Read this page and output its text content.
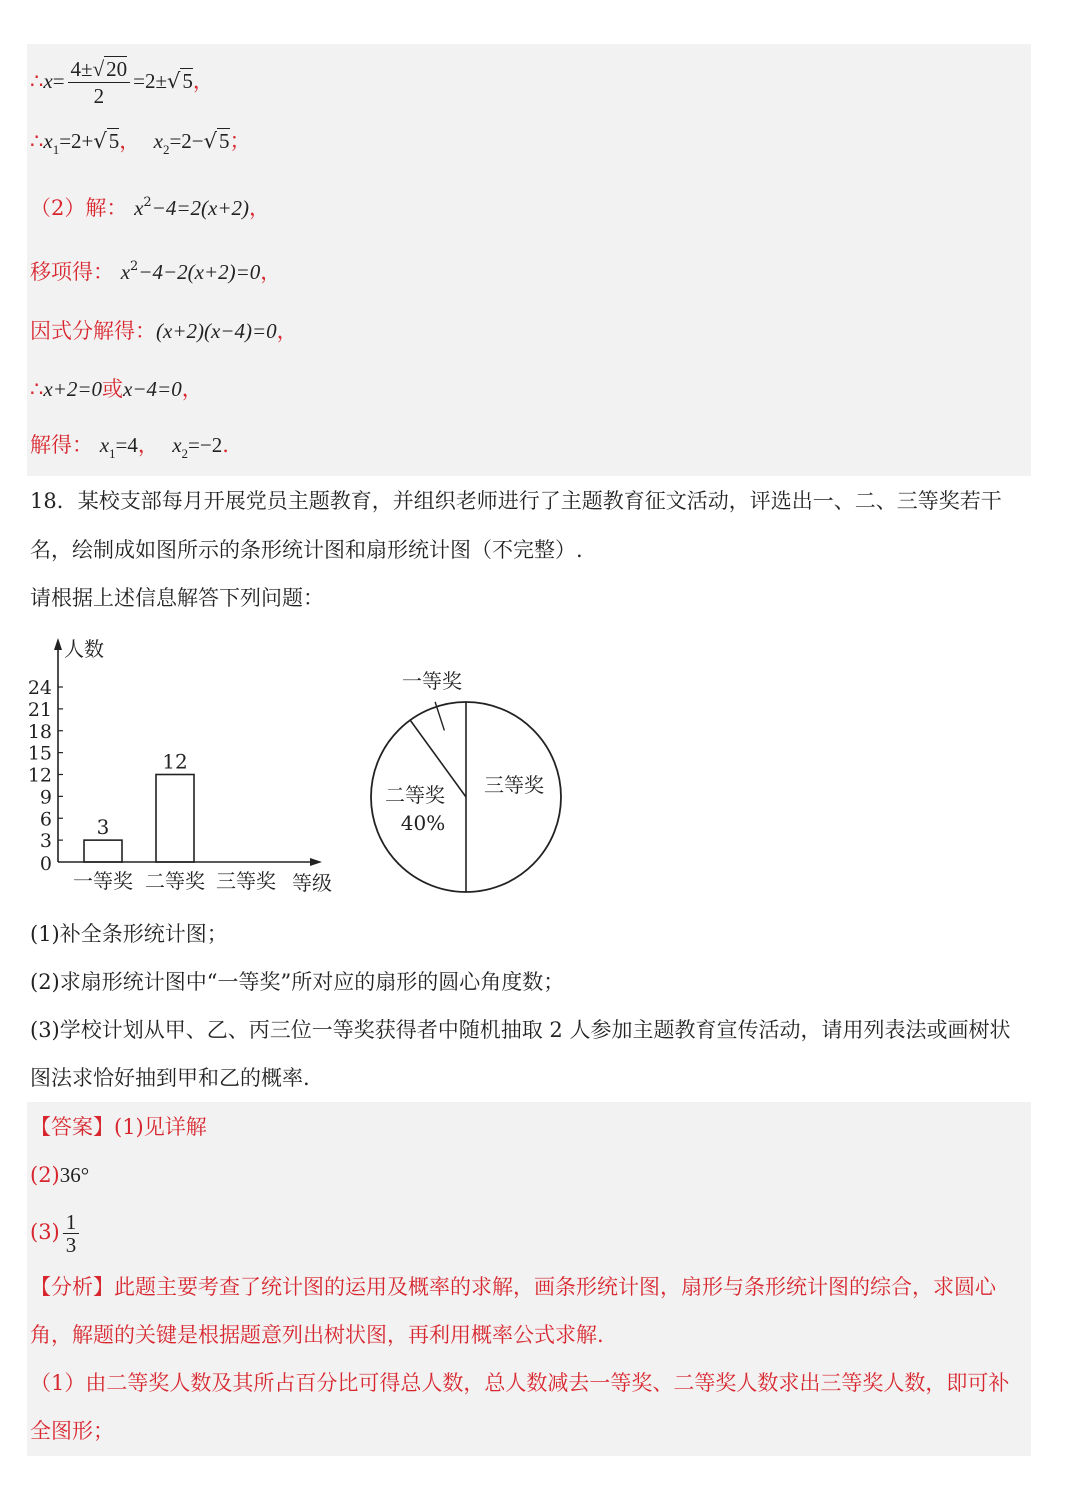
∴x= $\frac{4\pm√20}{2} =2\pm√5$，
$\therefore x_1=2+√5$， $x_2=2-√5$；
（2）解： $x^2-4=2(x+2)$，
移项得： $x^2-4-2(x+2)=0$，
因式分解得：(x+2)(x−4)=0，
∴x+2=0或x−4=0，
解得： $x_1=4$， $x_2=-2$.
18．某校支部每月开展党员主题教育，并组织老师进行了主题教育征文活动，评选出一、二、三等奖若干
名，绘制成如图所示的条形统计图和扇形统计图（不完整）.
请根据上述信息解答下列问题：
人数
0
3
6
9
12
15
18
21
24
一等奖
3
二等奖
12
三等奖 等级
一等奖
二等奖
40%
三等奖
(1)补全条形统计图；
(2)求扇形统计图中“一等奖”所对应的扇形的圆心角度数；
(3)学校计划从甲、乙、丙三位一等奖获得者中随机抽取 2 人参加主题教育宣传活动，请用列表法或画树状
图法求恰好抽到甲和乙的概率.
【答案】(1)见详解
(2)36°
$(3) \frac{1}{3}$
【分析】此题主要考查了统计图的运用及概率的求解，画条形统计图，扇形与条形统计图的综合，求圆心
角，解题的关键是根据题意列出树状图，再利用概率公式求解.
（1）由二等奖人数及其所占百分比可得总人数，总人数减去一等奖、二等奖人数求出三等奖人数，即可补
全图形；
